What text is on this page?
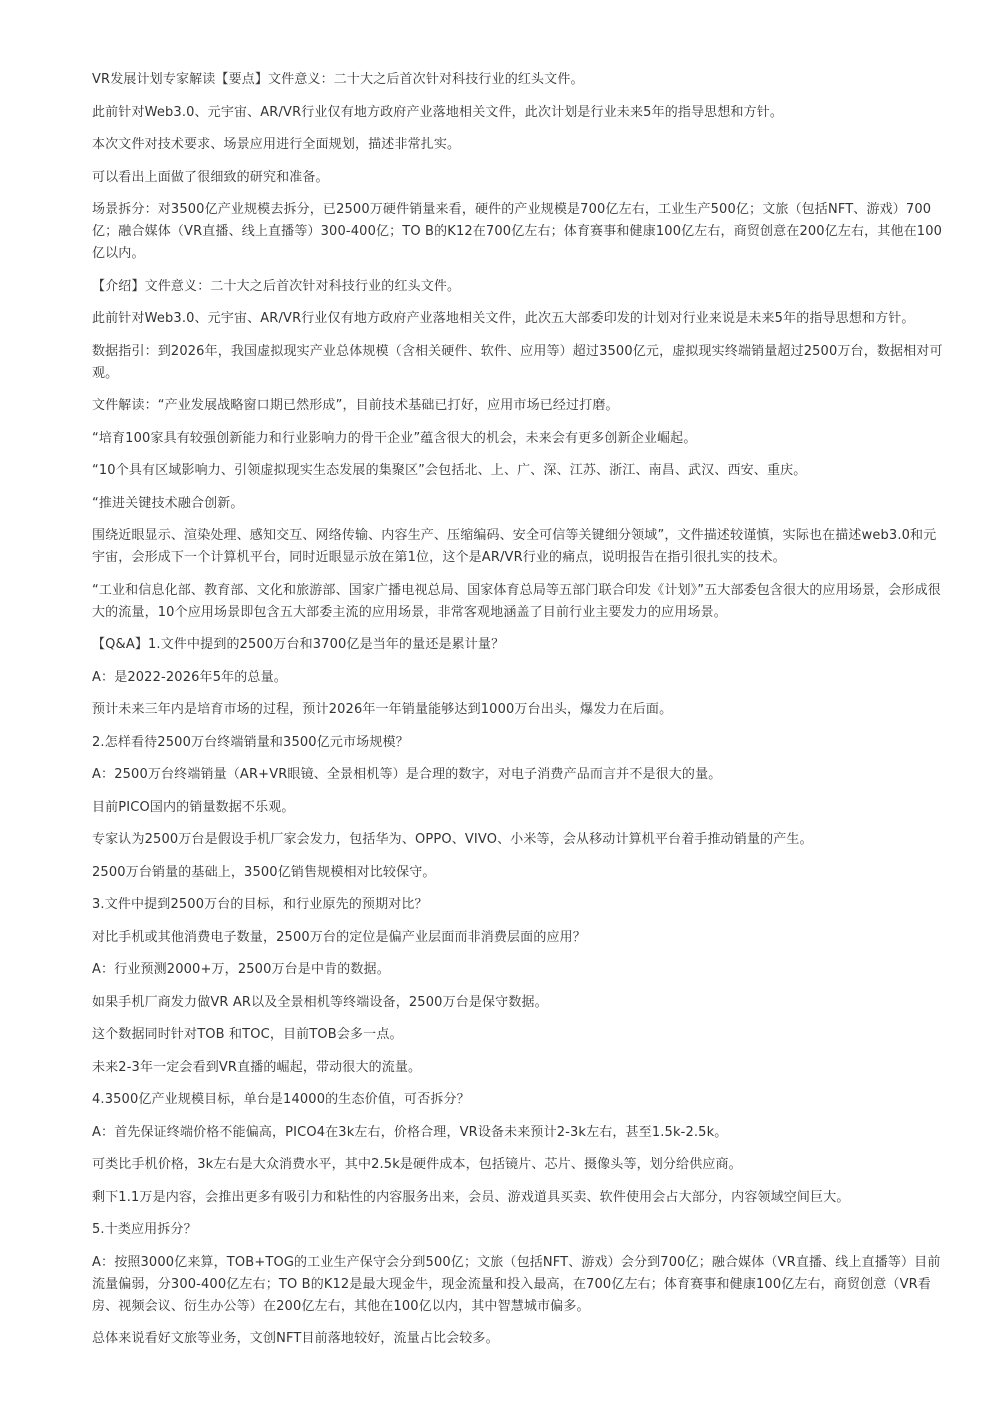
VR发展计划专家解读【要点】文件意义：二十大之后首次针对科技行业的红头文件。

此前针对Web3.0、元宇宙、AR/VR行业仅有地方政府产业落地相关文件，此次计划是行业未来5年的指导思想和方针。

本次文件对技术要求、场景应用进行全面规划，描述非常扎实。

可以看出上面做了很细致的研究和准备。

场景拆分：对3500亿产业规模去拆分，已2500万硬件销量来看，硬件的产业规模是700亿左右，工业生产500亿；文旅（包括NFT、游戏）700亿；融合媒体（VR直播、线上直播等）300-400亿；TO B的K12在700亿左右；体育赛事和健康100亿左右，商贸创意在200亿左右，其他在100亿以内。

【介绍】文件意义：二十大之后首次针对科技行业的红头文件。

此前针对Web3.0、元宇宙、AR/VR行业仅有地方政府产业落地相关文件，此次五大部委印发的计划对行业来说是未来5年的指导思想和方针。

数据指引：到2026年，我国虚拟现实产业总体规模（含相关硬件、软件、应用等）超过3500亿元，虚拟现实终端销量超过2500万台，数据相对可观。

文件解读：“产业发展战略窗口期已然形成”，目前技术基础已打好，应用市场已经过打磨。

“培育100家具有较强创新能力和行业影响力的骨干企业”蕴含很大的机会，未来会有更多创新企业崛起。

“10个具有区域影响力、引领虚拟现实生态发展的集聚区”会包括北、上、广、深、江苏、浙江、南昌、武汉、西安、重庆。

“推进关键技术融合创新。

围绕近眼显示、渲染处理、感知交互、网络传输、内容生产、压缩编码、安全可信等关键细分领域”，文件描述较谨慎，实际也在描述web3.0和元宇宙，会形成下一个计算机平台，同时近眼显示放在第1位，这个是AR/VR行业的痛点，说明报告在指引很扎实的技术。

“工业和信息化部、教育部、文化和旅游部、国家广播电视总局、国家体育总局等五部门联合印发《计划》”五大部委包含很大的应用场景，会形成很大的流量，10个应用场景即包含五大部委主流的应用场景，非常客观地涵盖了目前行业主要发力的应用场景。

【Q&A】1.文件中提到的2500万台和3700亿是当年的量还是累计量？

A：是2022-2026年5年的总量。

预计未来三年内是培育市场的过程，预计2026年一年销量能够达到1000万台出头，爆发力在后面。

2.怎样看待2500万台终端销量和3500亿元市场规模？

A：2500万台终端销量（AR+VR眼镜、全景相机等）是合理的数字，对电子消费产品而言并不是很大的量。

目前PICO国内的销量数据不乐观。

专家认为2500万台是假设手机厂家会发力，包括华为、OPPO、VIVO、小米等，会从移动计算机平台着手推动销量的产生。

2500万台销量的基础上，3500亿销售规模相对比较保守。

3.文件中提到2500万台的目标，和行业原先的预期对比？

对比手机或其他消费电子数量，2500万台的定位是偏产业层面而非消费层面的应用？

A：行业预测2000+万，2500万台是中肯的数据。

如果手机厂商发力做VR AR以及全景相机等终端设备，2500万台是保守数据。

这个数据同时针对TOB 和TOC，目前TOB会多一点。

未来2-3年一定会看到VR直播的崛起，带动很大的流量。

4.3500亿产业规模目标，单台是14000的生态价值，可否拆分？

A：首先保证终端价格不能偏高，PICO4在3k左右，价格合理，VR设备未来预计2-3k左右，甚至1.5k-2.5k。

可类比手机价格，3k左右是大众消费水平，其中2.5k是硬件成本，包括镜片、芯片、摄像头等，划分给供应商。

剩下1.1万是内容，会推出更多有吸引力和粘性的内容服务出来，会员、游戏道具买卖、软件使用会占大部分，内容领域空间巨大。

5.十类应用拆分？

A：按照3000亿来算，TOB+TOG的工业生产保守会分到500亿；文旅（包括NFT、游戏）会分到700亿；融合媒体（VR直播、线上直播等）目前流量偏弱，分300-400亿左右；TO B的K12是最大现金牛，现金流量和投入最高，在700亿左右；体育赛事和健康100亿左右，商贸创意（VR看房、视频会议、衍生办公等）在200亿左右，其他在100亿以内，其中智慧城市偏多。

总体来说看好文旅等业务，文创NFT目前落地较好，流量占比会较多。
